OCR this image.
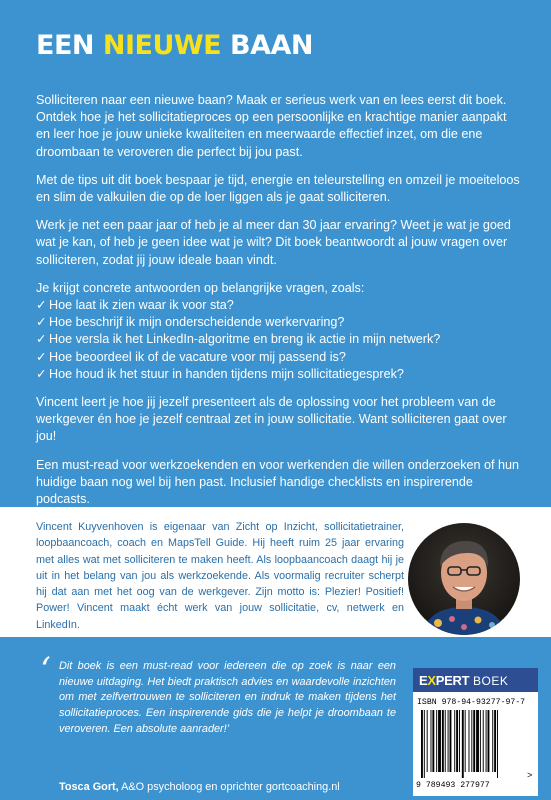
EEN NIEUWE BAAN

Solliciteren naar een nieuwe baan? Maak er serieus werk van en lees eerst dit boek. Ontdek hoe je het sollicitatieproces op een persoonlijke en krachtige manier aanpakt en leer hoe je jouw unieke kwaliteiten en meerwaarde effectief inzet, om die ene droombaan te veroveren die perfect bij jou past.

Met de tips uit dit boek bespaar je tijd, energie en teleurstelling en omzeil je moeiteloos en slim de valkuilen die op de loer liggen als je gaat solliciteren.

Werk je net een paar jaar of heb je al meer dan 30 jaar ervaring? Weet je wat je goed wat je kan, of heb je geen idee wat je wilt? Dit boek beantwoordt al jouw vragen over solliciteren, zodat jij jouw ideale baan vindt.

Je krijgt concrete antwoorden op belangrijke vragen, zoals:

✓ Hoe laat ik zien waar ik voor sta?
✓ Hoe beschrijf ik mijn onderscheidende werkervaring?
✓ Hoe versla ik het LinkedIn-algoritme en breng ik actie in mijn netwerk?
✓ Hoe beoordeel ik of de vacature voor mij passend is?
✓ Hoe houd ik het stuur in handen tijdens mijn sollicitatiegesprek?

Vincent leert je hoe jij jezelf presenteert als de oplossing voor het probleem van de werkgever én hoe je jezelf centraal zet in jouw sollicitatie. Want solliciteren gaat over jou!

Een must-read voor werkzoekenden en voor werkenden die willen onderzoeken of hun huidige baan nog wel bij hen past. Inclusief handige checklists en inspirerende podcasts.

Vincent Kuyvenhoven is eigenaar van Zicht op Inzicht, sollicitatietrainer, loopbaancoach, coach en MapsTell Guide. Hij heeft ruim 25 jaar ervaring met alles wat met solliciteren te maken heeft. Als loopbaancoach daagt hij je uit in het belang van jou als werkzoekende. Als voormalig recruiter scherpt hij dat aan met het oog van de werkgever. Zijn motto is: Plezier! Positief! Power! Vincent maakt écht werk van jouw sollicitatie, cv, netwerk en LinkedIn.
‘ Dit boek is een must-read voor iedereen die op zoek is naar een nieuwe uitdaging. Het biedt praktisch advies en waardevolle inzichten om met zelfvertrouwen te solliciteren en indruk te maken tijdens het sollicitatieproces. Een inspirerende gids die je helpt je droombaan te veroveren. Een absolute aanrader!’
Tosca Gort, A&O psycholoog en oprichter gortcoaching.nl
EXPERT BOEK
ISBN 978-94-93277-97-7
>
9 789493 277977
